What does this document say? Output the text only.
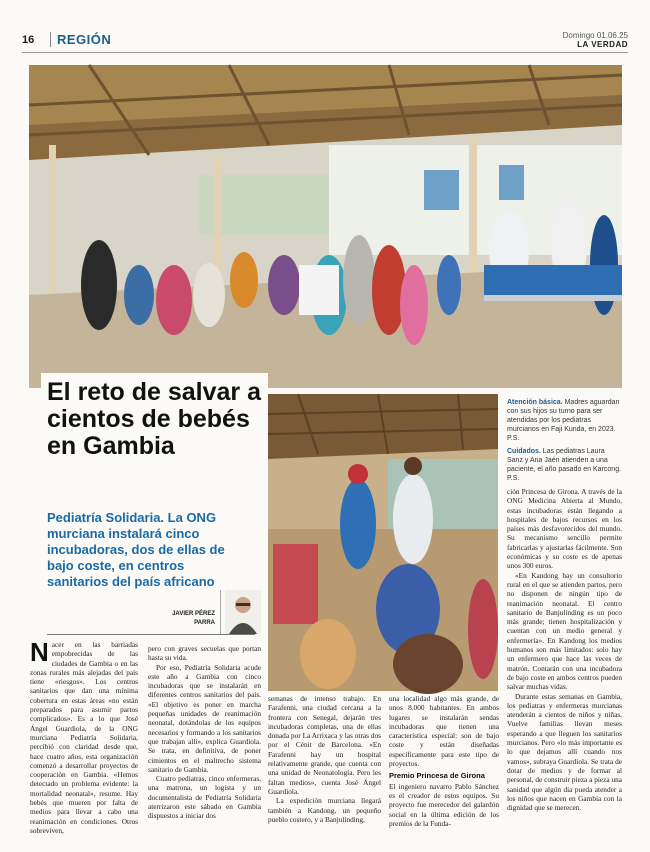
16	REGIÓN	Domingo 01.06.25
LA VERDAD
El reto de salvar a cientos de bebés en Gambia
Pediatría Solidaria. La ONG murciana instalará cinco incubadoras, dos de ellas de bajo coste, en centros sanitarios del país africano
Atención básica. Madres aguardan con sus hijos su turno para ser atendidas por los pediatras murcianos en Faji Kunda, en 2023. P.S.
Cuidados. Las pediatras Laura Sanz y Ana Jaén atienden a una paciente, el año pasado en Karcong. P.S.
JAVIER PÉREZ
PARRA

Nacer en las barriadas empobrecidas de las ciudades de Gambia o en las zonas rurales más alejadas del país tiene «riesgos». Los centros sanitarios que dan una mínima cobertura en estas áreas «no están preparados para asumir partos complicados». Es a lo que José Ángel Guardiola, de la ONG murciana Pediatría Solidaria, percibió con claridad desde que, hace cuatro años, esta organización comenzó a desarrollar proyectos de cooperación en Gambia. «Hemos detectado un problema evidente: la mortalidad neonatal», resume. Hay bebés que mueren por falta de medios para llevar a cabo una reanimación en condiciones. Otros sobreviven,

pero con graves secuelas que portan hasta su vida.

Por eso, Pediatría Solidaria acude este año a Gambia con cinco incubadoras que se instalarán en diferentes centros sanitarios del país. «El objetivo es poner en marcha pequeñas unidades de reanimación neonatal, dotándolas de los equipos necesarios y formando a los sanitarios que trabajan allí», explica Guardiola. Se trata, en definitiva, de poner cimientos en el maltrecho sistema sanitario de Gambia.

Cuatro pediatras, cinco enfermeras, una matrona, un logista y un documentalista de Pediatría Solidaria aterrizaron este sábado en Gambia dispuestos a iniciar dos

semanas de intenso trabajo. En Farafenni, una ciudad cercana a la frontera con Senegal, dejarán tres incubadoras completas, una de ellas donada por La Arrixaca y las otras dos por el Cénit de Barcelona. «En Farafenni hay un hospital relativamente grande, que cuenta con una unidad de Neonatología. Pero les faltan medios», cuenta José Ángel Guardiola.

La expedición murciana llegará también a Kandong, un pequeño pueblo costero, y a Banjulinding,

una localidad algo más grande, de unos 8.000 habitantes. En ambos lugares se instalarán sendas incubadoras que tienen una característica especial: son de bajo coste y están diseñadas específicamente para este tipo de proyectos.

Premio Princesa de Girona

El ingeniero navarro Pablo Sánchez es el creador de estos equipos. Su proyecto fue merecedor del galardón social en la última edición de los premios de la Funda-

ción Princesa de Girona. A través de la ONG Medicina Abierta al Mundo, estas incubadoras están llegando a hospitales de bajos recursos en los países más desfavorecidos del mundo. Su mecanismo sencillo permite fabricarlas y ajustarlas fácilmente. Son económicas y su coste es de apenas unos 300 euros.

«En Kandong hay un consultorio rural en el que se atienden partos, pero no disponen de ningún tipo de reanimación neonatal. El centro sanitario de Banjulinding es un poco más grande; tienen hospitalización y cuentan con un medio general y enfermería». En Kandong los medios humanos son más limitados: solo hay un enfermero que hace las veces de matrón. Contarán con una incubadora de bajo coste en ambos centros pueden salvar muchas vidas.

Durante estas semanas en Gambia, los pediatras y enfermeras murcianas atenderán a cientos de niños y niñas. Vuelve familias llevan meses esperando a que lleguen los sanitarios murcianos. Pero «lo más importante es lo que dejamos allí cuando nos vamos», subraya Guardiola. Se trata de dotar de medios y de formar al personal, de construir pieza a pieza una sanidad que algún día pueda atender a los niños que nacen en Gambia con la dignidad que se merecen.
